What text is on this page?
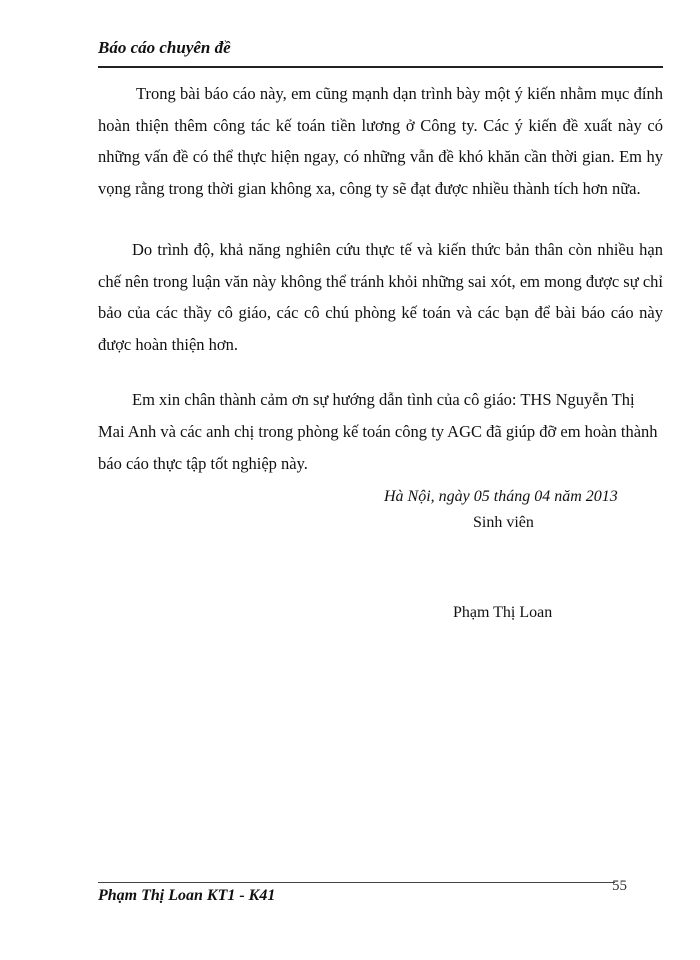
Báo cáo chuyên đề

Trong bài báo cáo này, em cũng mạnh dạn trình bày một ý kiến nhằm mục đính hoàn thiện thêm công tác kế toán tiền lương ở Công ty. Các ý kiến đề xuất này có những vấn đề có thể thực hiện ngay, có những vẫn đề khó khăn cần thời gian. Em hy vọng rằng trong thời gian không xa, công ty sẽ đạt được nhiều thành tích hơn nữa.

Do trình độ, khả năng nghiên cứu thực tế và kiến thức bản thân còn nhiều hạn chế nên trong luận văn này không thể tránh khỏi những sai xót, em mong được sự chỉ bảo của các thầy cô giáo, các cô chú phòng kế toán và các bạn để bài báo cáo này được hoàn thiện hơn.

Em xin chân thành cảm ơn sự hướng dẫn tình của cô giáo: THS Nguyễn Thị Mai Anh và các anh chị trong phòng kế toán công ty AGC đã giúp đỡ em hoàn thành báo cáo thực tập tốt nghiệp này.

Hà Nội, ngày 05 tháng 04 năm 2013
Sinh viên
Phạm Thị Loan
Phạm Thị Loan KT1 - K41
55
